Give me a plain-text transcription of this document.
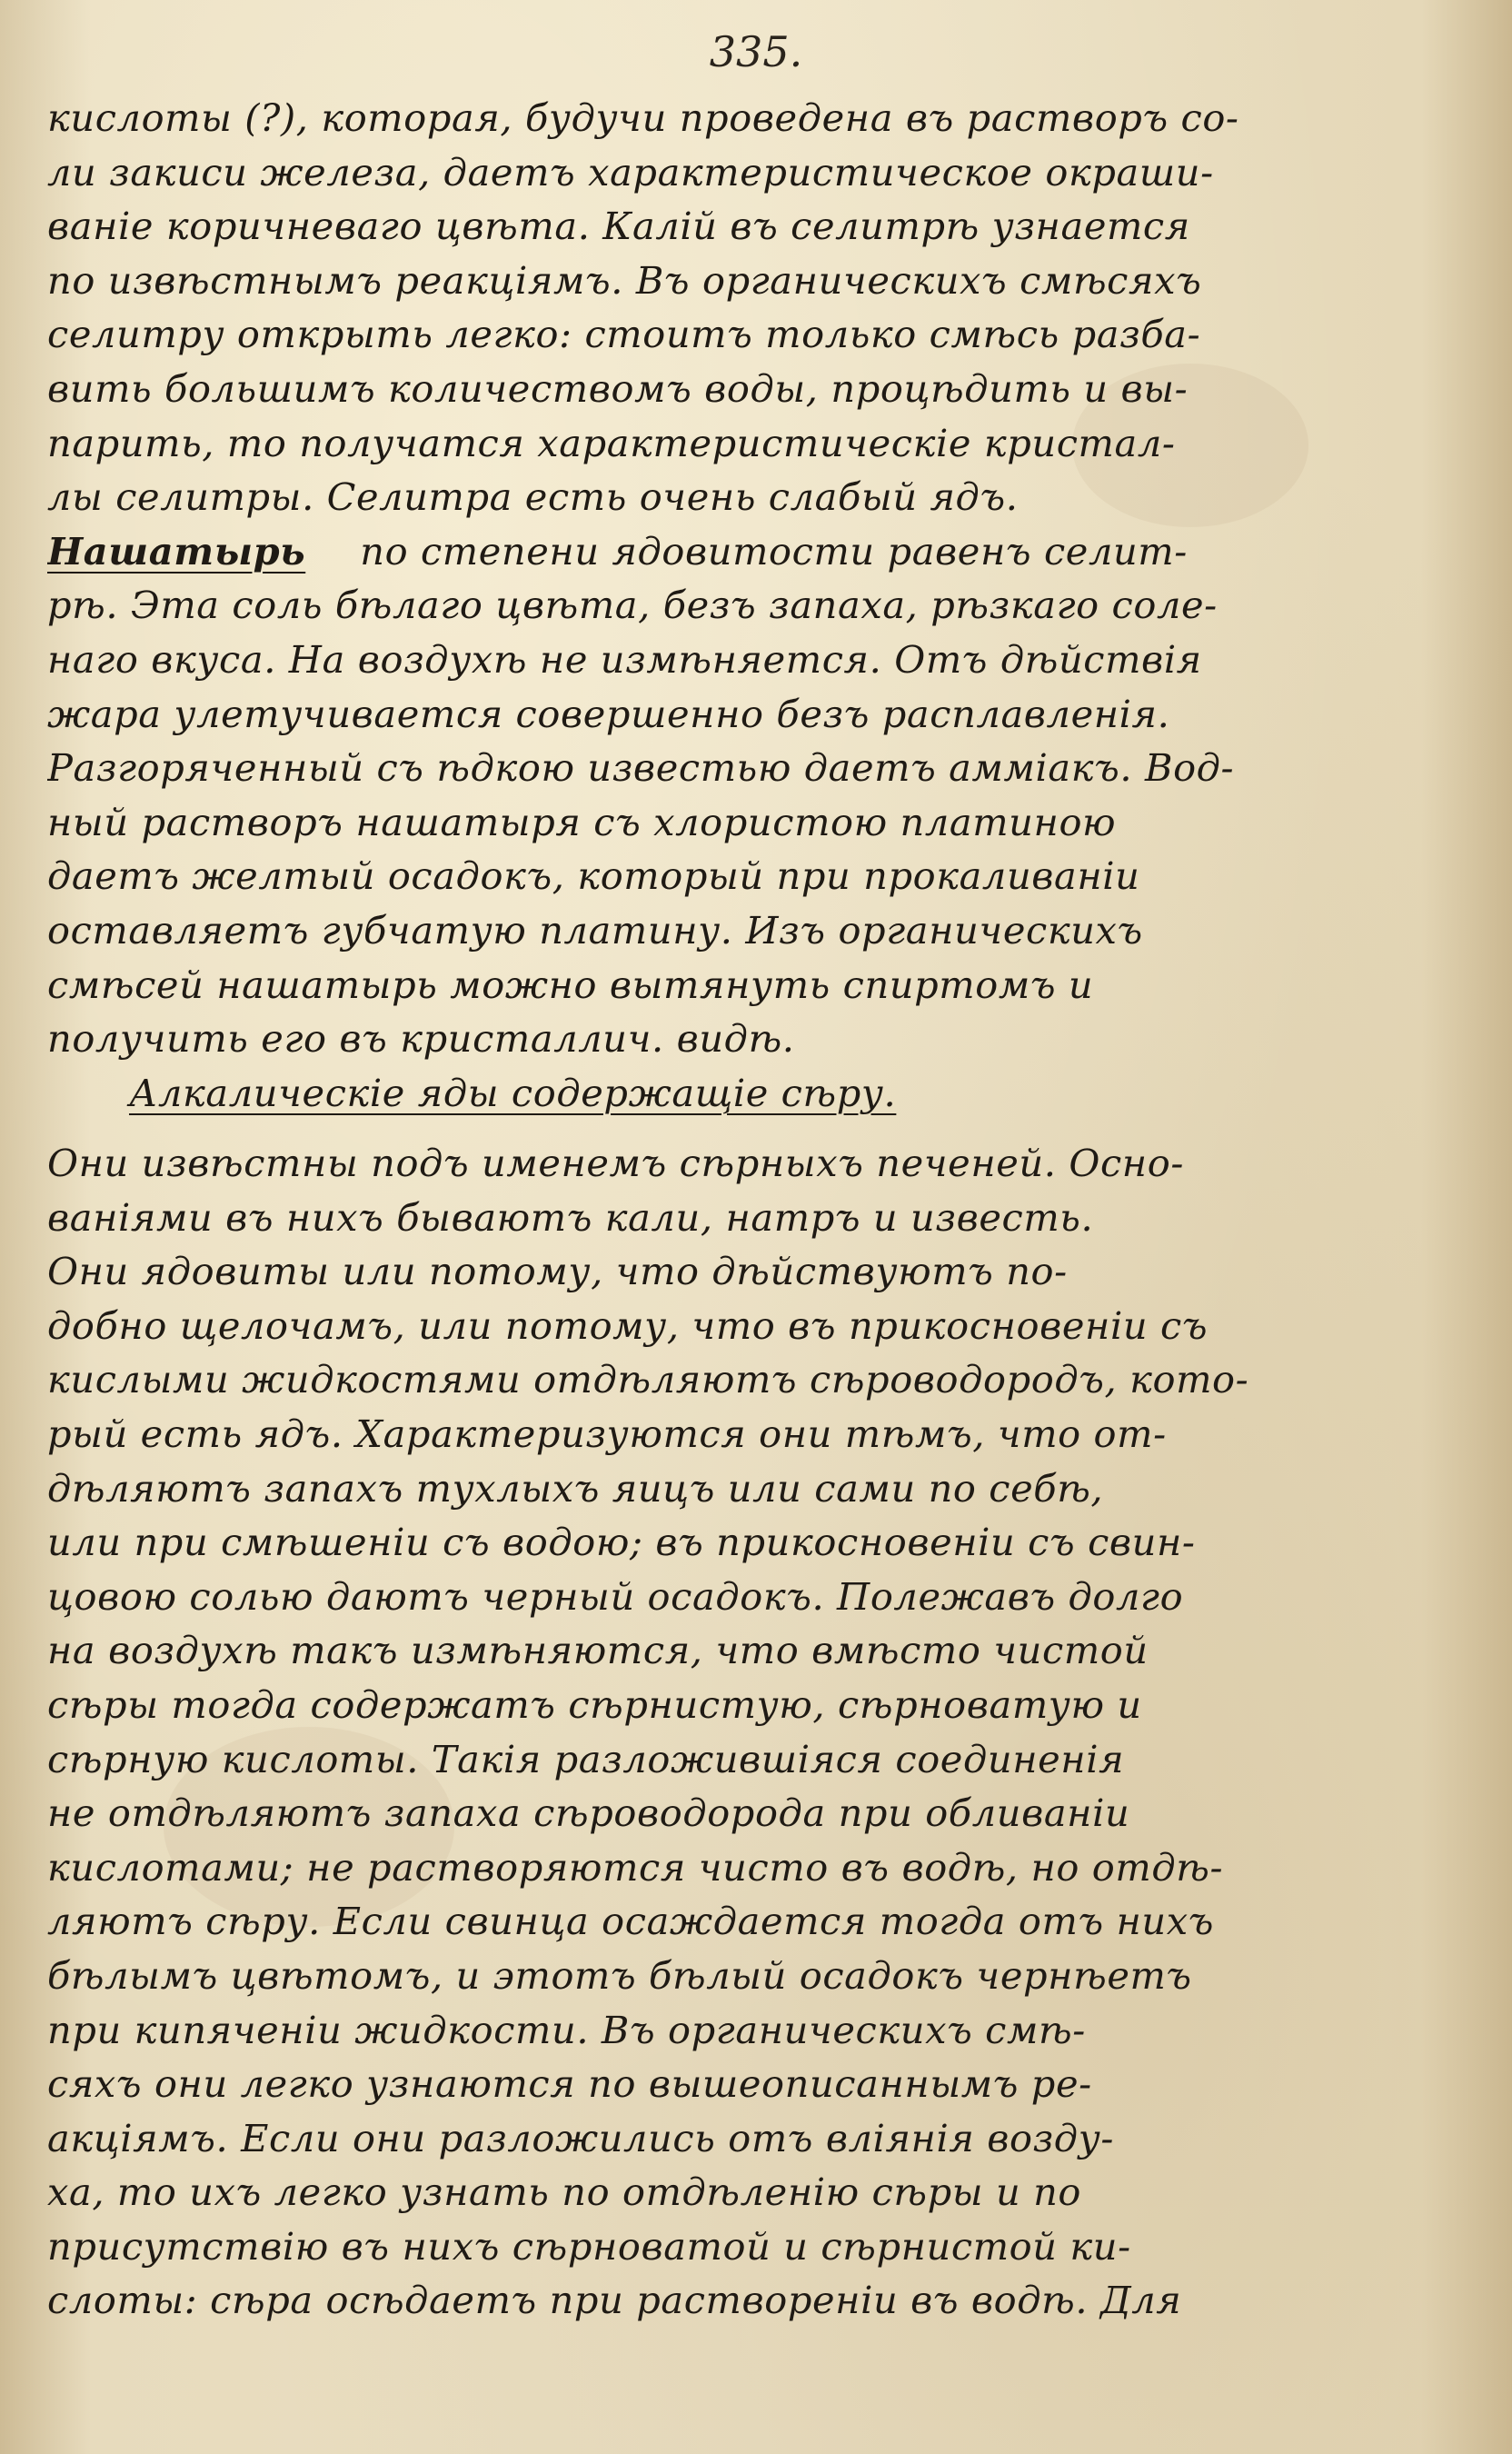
335.
кислоты (?), которая, будучи проведена въ растворъ со-
ли закиси железа, даетъ характеристическое окраши-
ванiе коричневаго цвѣта. Калiй въ селитрѣ узнается
по извѣстнымъ реакцiямъ. Въ органическихъ смѣсяхъ
селитру открыть легко: стоитъ только смѣсь разба-
вить большимъ количествомъ воды, процѣдить и вы-
парить, то получатся характеристическiе кристал-
лы селитры. Селитра есть очень слабый ядъ.
Нашатырь по степени ядовитости равенъ селит-
рѣ. Эта соль бѣлаго цвѣта, безъ запаха, рѣзкаго соле-
наго вкуса. На воздухѣ не измѣняется. Отъ дѣйствiя
жара улетучивается совершенно безъ расплавленiя.
Разгоряченный съ ѣдкою известью даетъ аммiакъ. Вод-
ный растворъ нашатыря съ хлористою платиною
даетъ желтый осадокъ, который при прокаливанiи
оставляетъ губчатую платину. Изъ органическихъ
смѣсей нашатырь можно вытянуть спиртомъ и
получить его въ кристаллич. видѣ.
Алкалическiе яды содержащiе сѣру.
Они извѣстны подъ именемъ сѣрныхъ печеней. Осно-
ванiями въ нихъ бываютъ кали, натръ и известь.
Они ядовиты или потому, что дѣйствуютъ по-
добно щелочамъ, или потому, что въ прикосновенiи съ
кислыми жидкостями отдѣляютъ сѣроводородъ, кото-
рый есть ядъ. Характеризуются они тѣмъ, что от-
дѣляютъ запахъ тухлыхъ яицъ или сами по себѣ,
или при смѣшенiи съ водою; въ прикосновенiи съ свин-
цовою солью даютъ черный осадокъ. Полежавъ долго
на воздухѣ такъ измѣняются, что вмѣсто чистой
сѣры тогда содержатъ сѣрнистую, сѣрноватую и
сѣрную кислоты. Такiя разложившiяся соединенiя
не отдѣляютъ запаха сѣроводорода при обливанiи
кислотами; не растворяются чисто въ водѣ, но отдѣ-
ляютъ сѣру. Если свинца осаждается тогда отъ нихъ
бѣлымъ цвѣтомъ, и этотъ бѣлый осадокъ чернѣетъ
при кипяченiи жидкости. Въ органическихъ смѣ-
сяхъ они легко узнаются по вышеописаннымъ ре-
акцiямъ. Если они разложились отъ влiянiя возду-
ха, то ихъ легко узнать по отдѣленiю сѣры и по
присутствiю въ нихъ сѣрноватой и сѣрнистой ки-
слоты: сѣра осѣдаетъ при растворенiи въ водѣ. Для
